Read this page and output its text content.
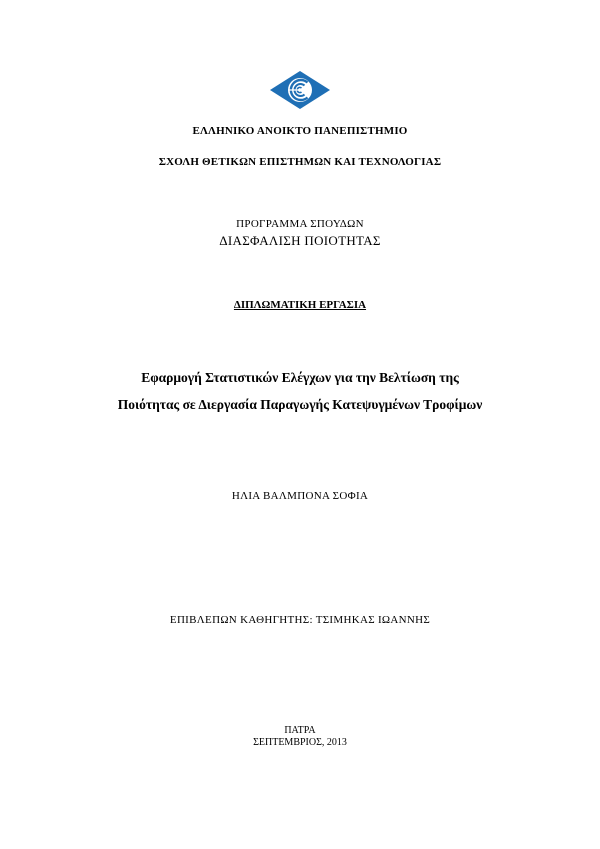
ΕΛΛΗΝΙΚΟ ΑΝΟΙΚΤΟ ΠΑΝΕΠΙΣΤΗΜΙΟ
ΣΧΟΛΗ ΘΕΤΙΚΩΝ ΕΠΙΣΤΗΜΩΝ ΚΑΙ ΤΕΧΝΟΛΟΓΙΑΣ
ΠΡΟΓΡΑΜΜΑ ΣΠΟΥΔΩΝ
ΔΙΑΣΦΑΛΙΣΗ ΠΟΙΟΤΗΤΑΣ
ΔΙΠΛΩΜΑΤΙΚΗ ΕΡΓΑΣΙΑ
Εφαρμογή Στατιστικών Ελέγχων για την Βελτίωση της
Ποιότητας σε Διεργασία Παραγωγής Κατεψυγμένων Τροφίμων
ΗΛΙΑ ΒΑΛΜΠΟΝΑ ΣΟΦΙΑ
ΕΠΙΒΛΕΠΩΝ ΚΑΘΗΓΗΤΗΣ: ΤΣΙΜΗΚΑΣ ΙΩΑΝΝΗΣ
ΠΑΤΡΑ
ΣΕΠΤΕΜΒΡΙΟΣ, 2013
